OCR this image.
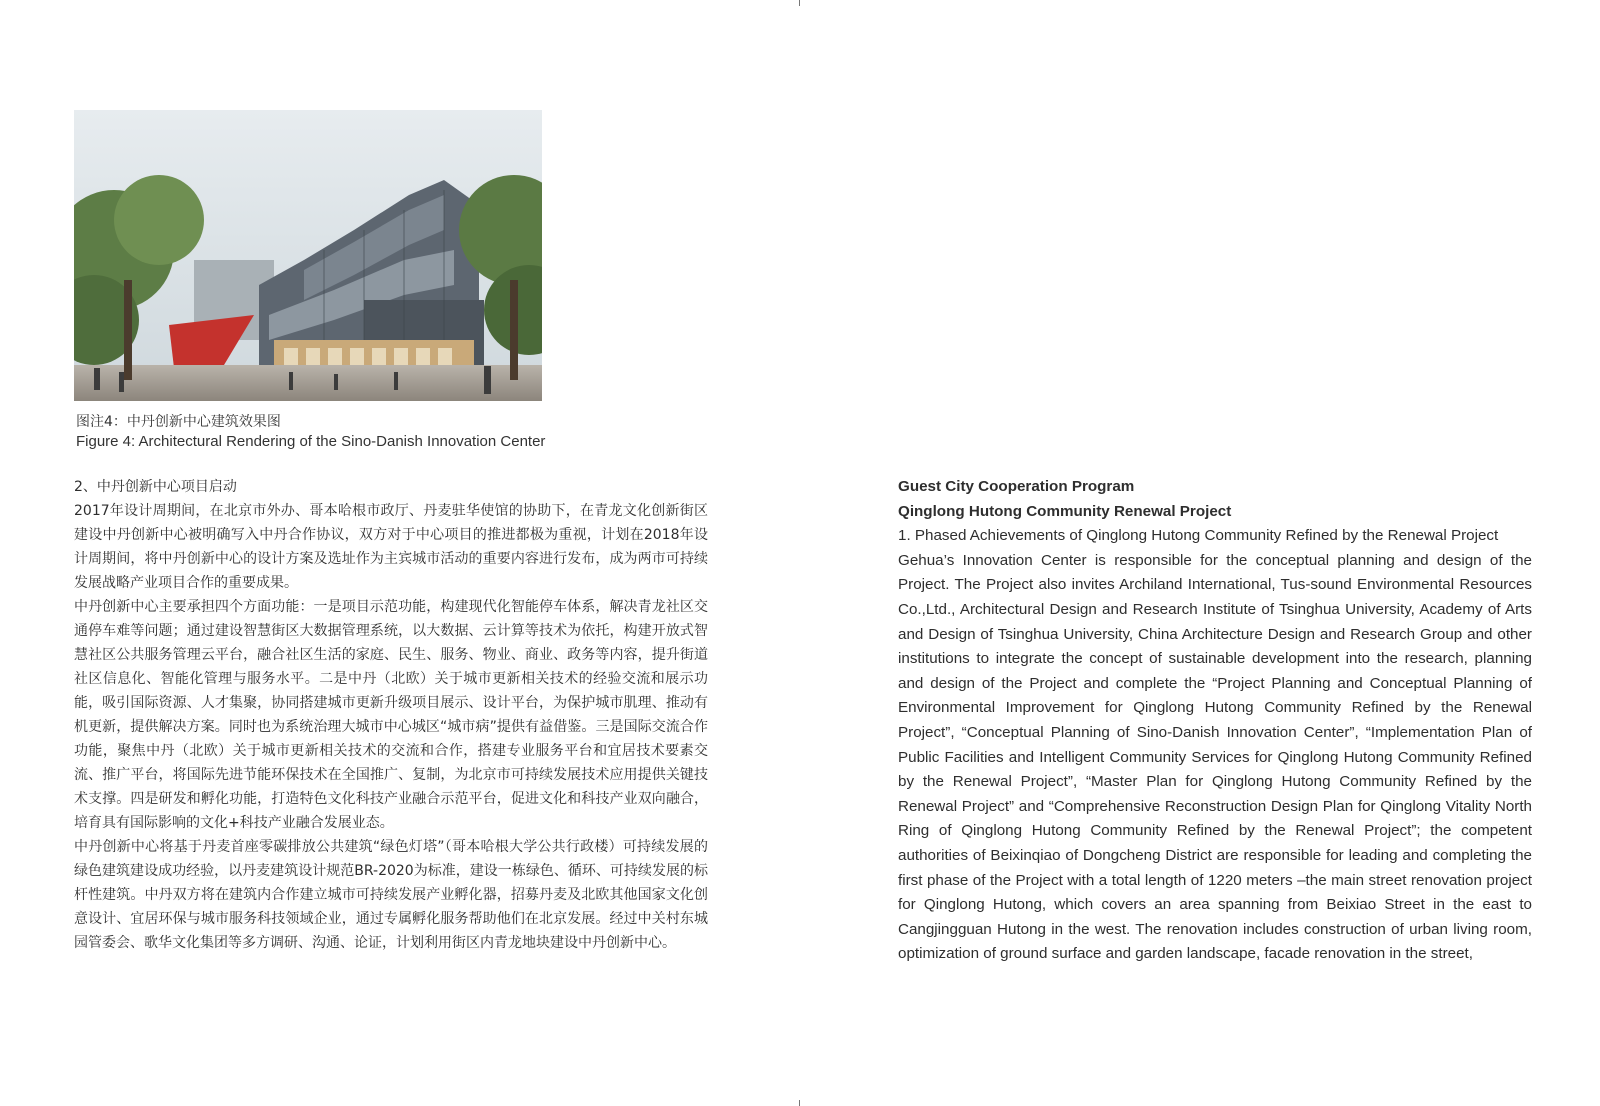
图注4：中丹创新中心建筑效果图
Figure 4: Architectural Rendering of the Sino-Danish Innovation Center

2、中丹创新中心项目启动

2017年设计周期间，在北京市外办、哥本哈根市政厅、丹麦驻华使馆的协助下，在青龙文化创新街区建设中丹创新中心被明确写入中丹合作协议，双方对于中心项目的推进都极为重视，计划在2018年设计周期间，将中丹创新中心的设计方案及选址作为主宾城市活动的重要内容进行发布，成为两市可持续发展战略产业项目合作的重要成果。

中丹创新中心主要承担四个方面功能：一是项目示范功能，构建现代化智能停车体系，解决青龙社区交通停车难等问题；通过建设智慧街区大数据管理系统，以大数据、云计算等技术为依托，构建开放式智慧社区公共服务管理云平台，融合社区生活的家庭、民生、服务、物业、商业、政务等内容，提升街道社区信息化、智能化管理与服务水平。二是中丹（北欧）关于城市更新相关技术的经验交流和展示功能，吸引国际资源、人才集聚，协同搭建城市更新升级项目展示、设计平台，为保护城市肌理、推动有机更新，提供解决方案。同时也为系统治理大城市中心城区“城市病”提供有益借鉴。三是国际交流合作功能，聚焦中丹（北欧）关于城市更新相关技术的交流和合作，搭建专业服务平台和宜居技术要素交流、推广平台，将国际先进节能环保技术在全国推广、复制，为北京市可持续发展技术应用提供关键技术支撑。四是研发和孵化功能，打造特色文化科技产业融合示范平台，促进文化和科技产业双向融合，培育具有国际影响的文化+科技产业融合发展业态。

中丹创新中心将基于丹麦首座零碳排放公共建筑“绿色灯塔”（哥本哈根大学公共行政楼）可持续发展的绿色建筑建设成功经验，以丹麦建筑设计规范BR-2020为标准，建设一栋绿色、循环、可持续发展的标杆性建筑。中丹双方将在建筑内合作建立城市可持续发展产业孵化器，招募丹麦及北欧其他国家文化创意设计、宜居环保与城市服务科技领域企业，通过专属孵化服务帮助他们在北京发展。经过中关村东城园管委会、歌华文化集团等多方调研、沟通、论证，计划利用街区内青龙地块建设中丹创新中心。

Guest City Cooperation Program

Qinglong Hutong Community Renewal Project

1. Phased Achievements of Qinglong Hutong Community Refined by the Renewal Project

Gehua’s Innovation Center is responsible for the conceptual planning and design of the Project. The Project also invites Archiland International, Tus-sound Environmental Resources Co.,Ltd., Architectural Design and Research Institute of Tsinghua University, Academy of Arts and Design of Tsinghua University, China Architecture Design and Research Group and other institutions to integrate the concept of sustainable development into the research, planning and design of the Project and complete the “Project Planning and Conceptual Planning of Environmental Improvement for Qinglong Hutong Community Refined by the Renewal Project”, “Conceptual Planning of Sino-Danish Innovation Center”, “Implementation Plan of Public Facilities and Intelligent Community Services for Qinglong Hutong Community Refined by the Renewal Project”, “Master Plan for Qinglong Hutong Community Refined by the Renewal Project” and “Comprehensive Reconstruction Design Plan for Qinglong Vitality North Ring of Qinglong Hutong Community Refined by the Renewal Project”; the competent authorities of Beixinqiao of Dongcheng District are responsible for leading and completing the first phase of the Project with a total length of 1220 meters –the main street renovation project for Qinglong Hutong, which covers an area spanning from Beixiao Street in the east to Cangjingguan Hutong in the west. The renovation includes construction of urban living room, optimization of ground surface and garden landscape, facade renovation in the street,
